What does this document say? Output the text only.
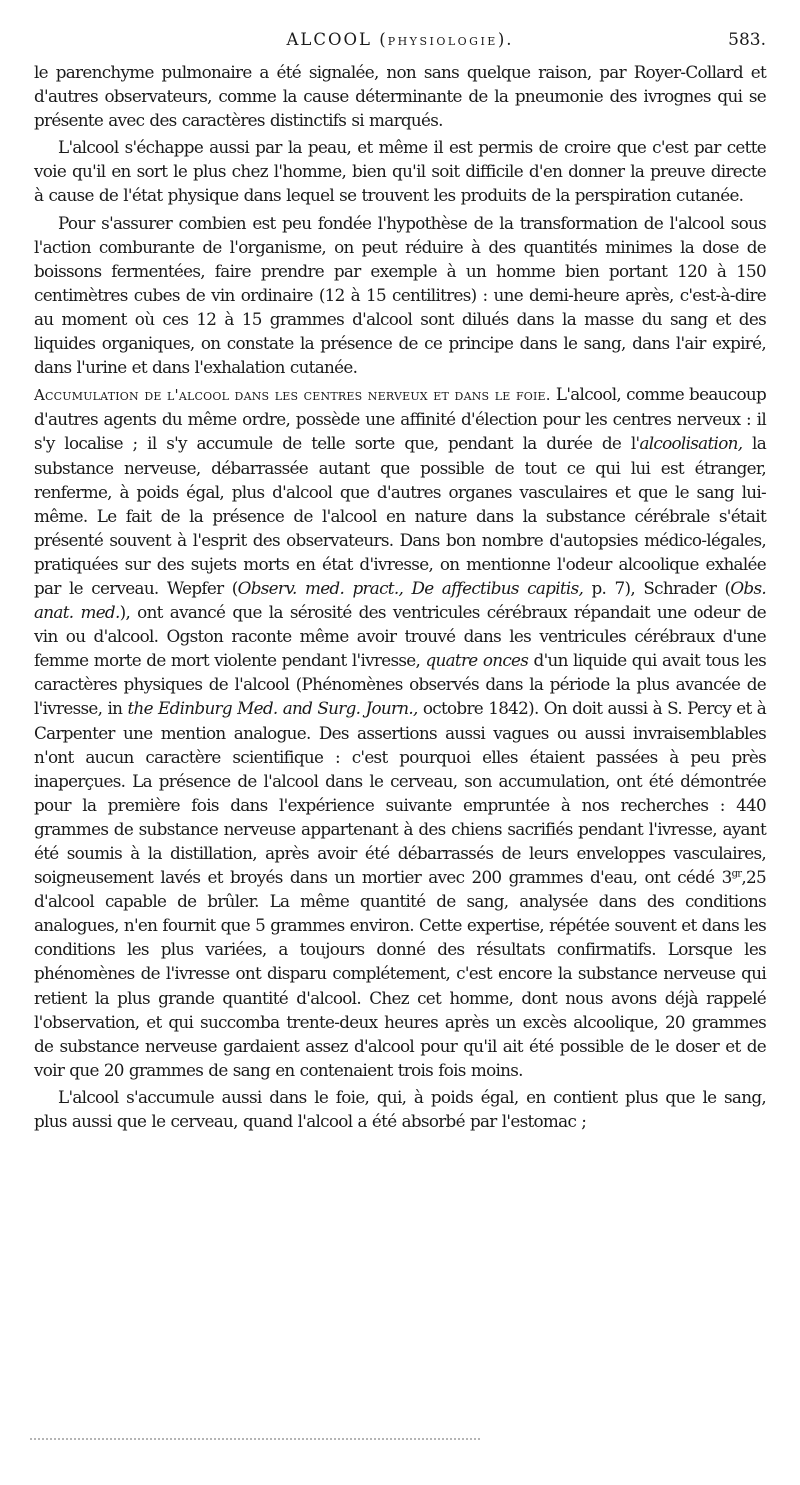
ALCOOL (PHYSIOLOGIE).	583.

le parenchyme pulmonaire a été signalée, non sans quelque raison, par Royer-Collard et d'autres observateurs, comme la cause déterminante de la pneumonie des ivrognes qui se présente avec des caractères distinctifs si marqués.

L'alcool s'échappe aussi par la peau, et même il est permis de croire que c'est par cette voie qu'il en sort le plus chez l'homme, bien qu'il soit difficile d'en donner la preuve directe à cause de l'état physique dans lequel se trouvent les produits de la perspiration cutanée.

Pour s'assurer combien est peu fondée l'hypothèse de la transformation de l'alcool sous l'action comburante de l'organisme, on peut réduire à des quantités minimes la dose de boissons fermentées, faire prendre par exemple à un homme bien portant 120 à 150 centimètres cubes de vin ordinaire (12 à 15 centilitres) : une demi-heure après, c'est-à-dire au moment où ces 12 à 15 grammes d'alcool sont dilués dans la masse du sang et des liquides organiques, on constate la présence de ce principe dans le sang, dans l'air expiré, dans l'urine et dans l'exhalation cutanée.

Accumulation de l'alcool dans les centres nerveux et dans le foie. L'alcool, comme beaucoup d'autres agents du même ordre, possède une affinité d'élection pour les centres nerveux : il s'y localise ; il s'y accumule de telle sorte que, pendant la durée de l'alcoolisation, la substance nerveuse, débarrassée autant que possible de tout ce qui lui est étranger, renferme, à poids égal, plus d'alcool que d'autres organes vasculaires et que le sang lui-même. Le fait de la présence de l'alcool en nature dans la substance cérébrale s'était présenté souvent à l'esprit des observateurs. Dans bon nombre d'autopsies médico-légales, pratiquées sur des sujets morts en état d'ivresse, on mentionne l'odeur alcoolique exhalée par le cerveau. Wepfer (Observ. med. pract., De affectibus capitis, p. 7), Schrader (Obs. anat. med.), ont avancé que la sérosité des ventricules cérébraux répandait une odeur de vin ou d'alcool. Ogston raconte même avoir trouvé dans les ventricules cérébraux d'une femme morte de mort violente pendant l'ivresse, quatre onces d'un liquide qui avait tous les caractères physiques de l'alcool (Phénomènes observés dans la période la plus avancée de l'ivresse, in the Edinburg Med. and Surg. Journ., octobre 1842). On doit aussi à S. Percy et à Carpenter une mention analogue. Des assertions aussi vagues ou aussi invraisemblables n'ont aucun caractère scientifique : c'est pourquoi elles étaient passées à peu près inaperçues. La présence de l'alcool dans le cerveau, son accumulation, ont été démontrée pour la première fois dans l'expérience suivante empruntée à nos recherches : 440 grammes de substance nerveuse appartenant à des chiens sacrifiés pendant l'ivresse, ayant été soumis à la distillation, après avoir été débarrassés de leurs enveloppes vasculaires, soigneusement lavés et broyés dans un mortier avec 200 grammes d'eau, ont cédé $3^{gr},25$ d'alcool capable de brûler. La même quantité de sang, analysée dans des conditions analogues, n'en fournit que 5 grammes environ. Cette expertise, répétée souvent et dans les conditions les plus variées, a toujours donné des résultats confirmatifs. Lorsque les phénomènes de l'ivresse ont disparu complétement, c'est encore la substance nerveuse qui retient la plus grande quantité d'alcool. Chez cet homme, dont nous avons déjà rappelé l'observation, et qui succomba trente-deux heures après un excès alcoolique, 20 grammes de substance nerveuse gardaient assez d'alcool pour qu'il ait été possible de le doser et de voir que 20 grammes de sang en contenaient trois fois moins.

L'alcool s'accumule aussi dans le foie, qui, à poids égal, en contient plus que le sang, plus aussi que le cerveau, quand l'alcool a été absorbé par l'estomac ;
